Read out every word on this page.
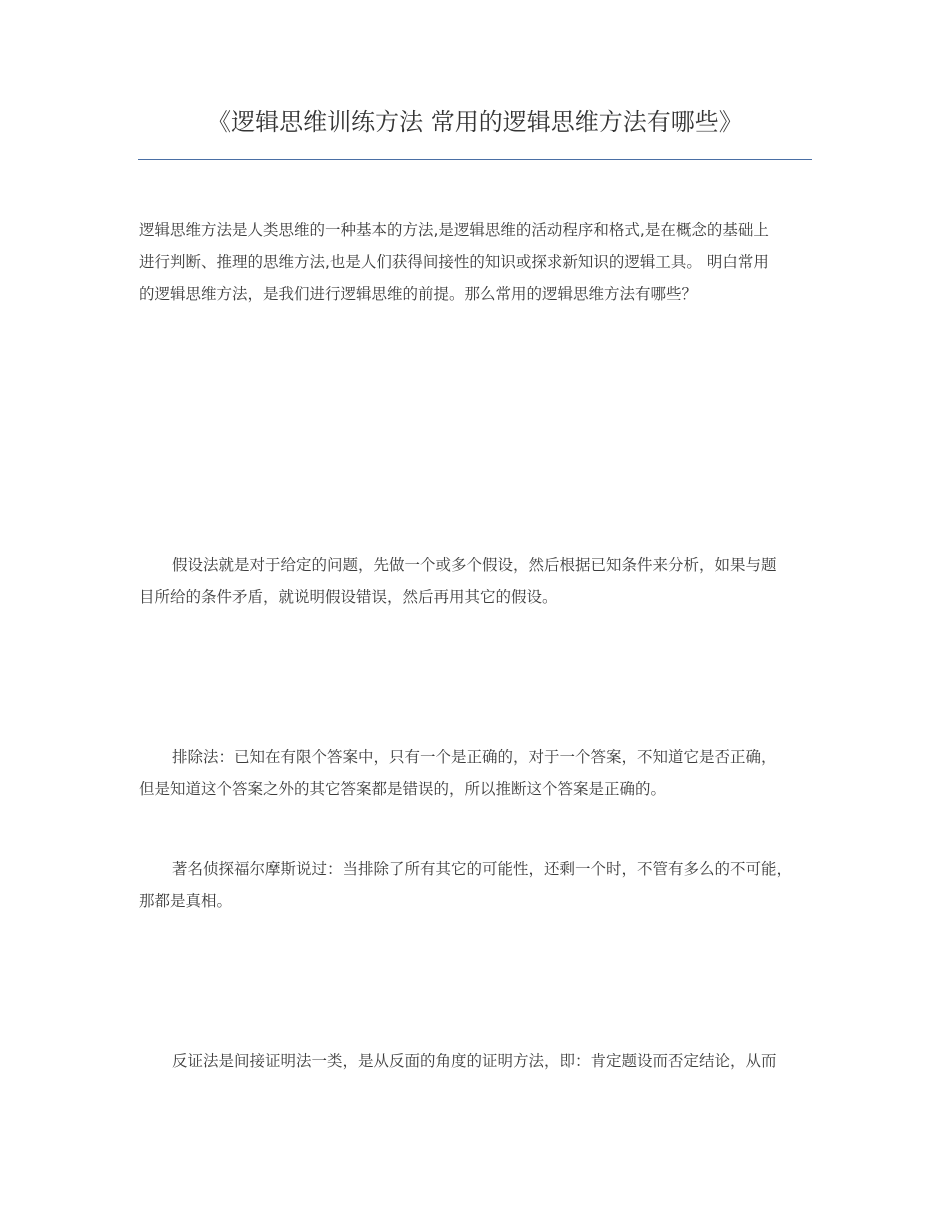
《逻辑思维训练方法 常用的逻辑思维方法有哪些》
逻辑思维方法是人类思维的一种基本的方法,是逻辑思维的活动程序和格式,是在概念的基础上
进行判断、推理的思维方法,也是人们获得间接性的知识或探求新知识的逻辑工具。 明白常用
的逻辑思维方法，是我们进行逻辑思维的前提。那么常用的逻辑思维方法有哪些？
假设法就是对于给定的问题，先做一个或多个假设，然后根据已知条件来分析，如果与题
目所给的条件矛盾，就说明假设错误，然后再用其它的假设。
排除法：已知在有限个答案中，只有一个是正确的，对于一个答案，不知道它是否正确，
但是知道这个答案之外的其它答案都是错误的，所以推断这个答案是正确的。
著名侦探福尔摩斯说过：当排除了所有其它的可能性，还剩一个时，不管有多么的不可能，
那都是真相。
反证法是间接证明法一类，是从反面的角度的证明方法，即：肯定题设而否定结论，从而
